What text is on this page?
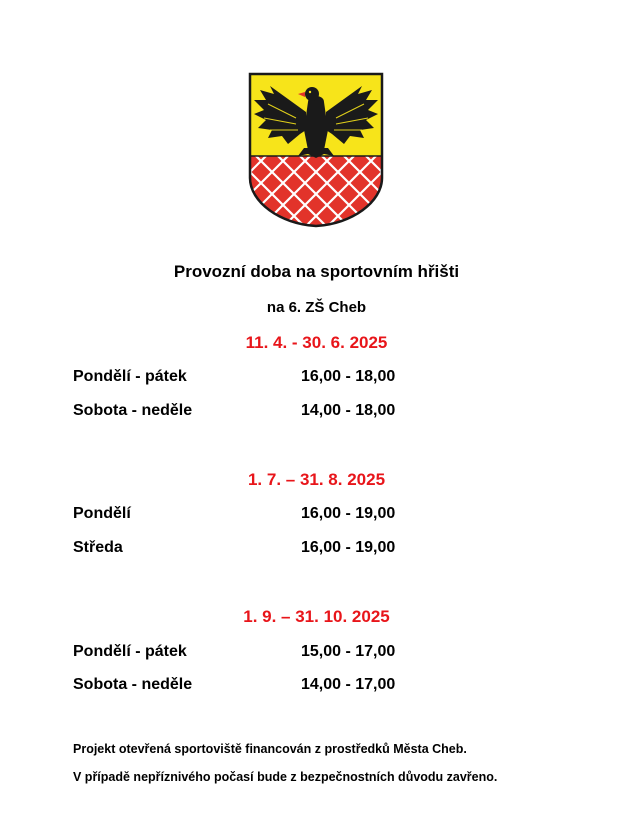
Provozní doba na sportovním hřišti
na 6. ZŠ Cheb
11. 4. - 30. 6. 2025
Pondělí - pátek	16,00 - 18,00
Sobota - neděle	14,00 - 18,00
1. 7. – 31. 8. 2025
Pondělí	16,00 - 19,00
Středa	16,00 - 19,00
1. 9. – 31. 10. 2025
Pondělí - pátek	15,00 - 17,00
Sobota - neděle	14,00 - 17,00
Projekt otevřená sportoviště financován z prostředků Města Cheb.
V případě nepříznivého počasí bude z bezpečnostních důvodu zavřeno.
